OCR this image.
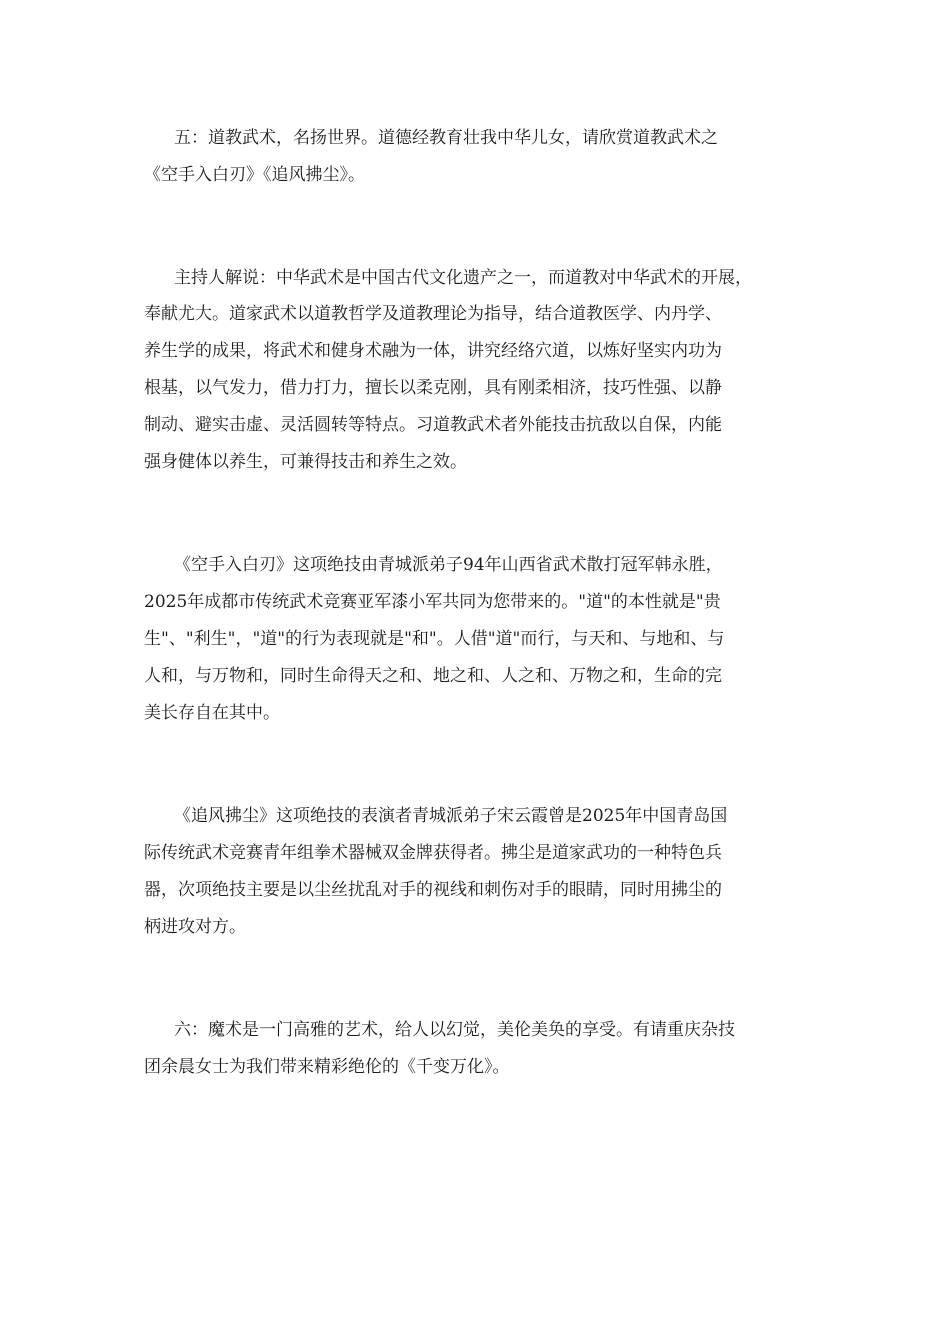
五：道教武术，名扬世界。道德经教育壮我中华儿女，请欣赏道教武术之
《空手入白刃》《追风拂尘》。
主持人解说：中华武术是中国古代文化遗产之一，而道教对中华武术的开展，
奉献尤大。道家武术以道教哲学及道教理论为指导，结合道教医学、内丹学、
养生学的成果，将武术和健身术融为一体，讲究经络穴道，以炼好坚实内功为
根基，以气发力，借力打力，擅长以柔克刚，具有刚柔相济，技巧性强、以静
制动、避实击虚、灵活圆转等特点。习道教武术者外能技击抗敌以自保，内能
强身健体以养生，可兼得技击和养生之效。
《空手入白刃》这项绝技由青城派弟子94年山西省武术散打冠军韩永胜，
2025年成都市传统武术竞赛亚军漆小军共同为您带来的。"道"的本性就是"贵
生"、"利生"，"道"的行为表现就是"和"。人借"道"而行，与天和、与地和、与
人和，与万物和，同时生命得天之和、地之和、人之和、万物之和，生命的完
美长存自在其中。
《追风拂尘》这项绝技的表演者青城派弟子宋云霞曾是2025年中国青岛国
际传统武术竞赛青年组拳术器械双金牌获得者。拂尘是道家武功的一种特色兵
器，次项绝技主要是以尘丝扰乱对手的视线和刺伤对手的眼睛，同时用拂尘的
柄进攻对方。
六：魔术是一门高雅的艺术，给人以幻觉，美伦美奂的享受。有请重庆杂技
团余晨女士为我们带来精彩绝伦的《千变万化》。
